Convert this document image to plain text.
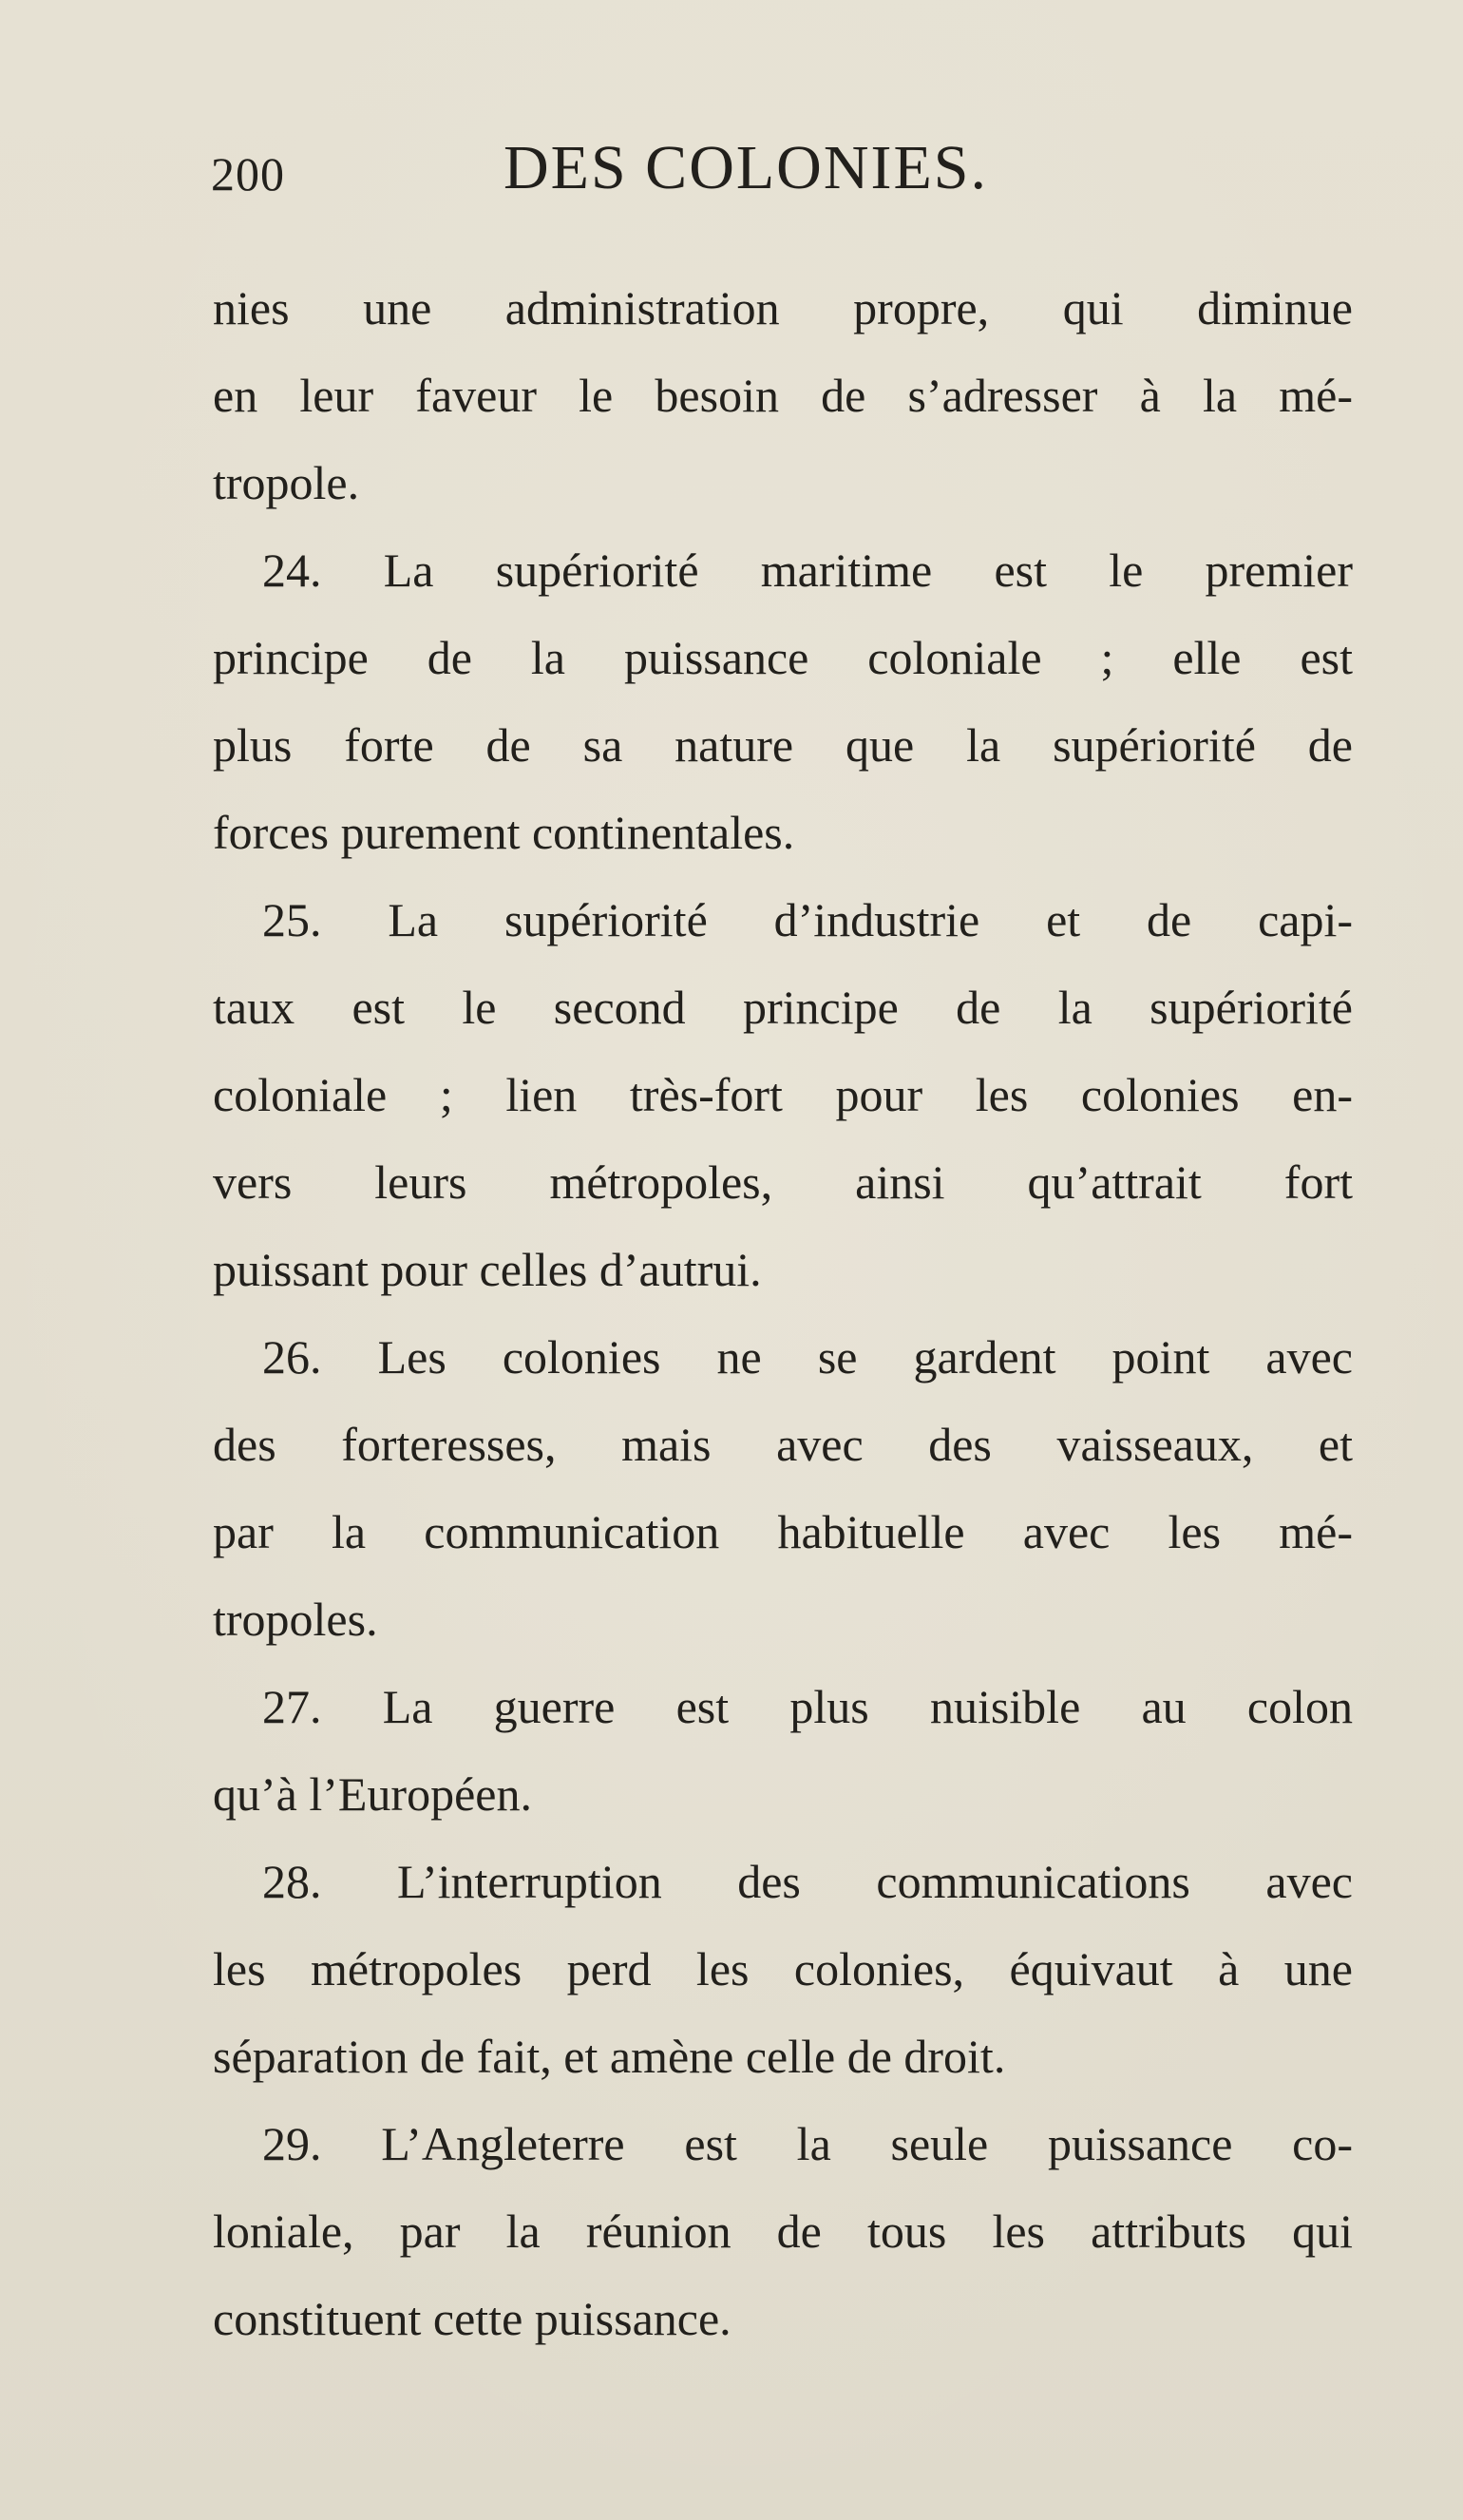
200	DES COLONIES.
nies une administration propre, qui diminue
en leur faveur le besoin de s’adresser à la mé-
tropole.
24. La supériorité maritime est le premier
principe de la puissance coloniale ; elle est
plus forte de sa nature que la supériorité de
forces purement continentales.
25. La supériorité d’industrie et de capi-
taux est le second principe de la supériorité
coloniale ; lien très-fort pour les colonies en-
vers leurs métropoles, ainsi qu’attrait fort
puissant pour celles d’autrui.
26. Les colonies ne se gardent point avec
des forteresses, mais avec des vaisseaux, et
par la communication habituelle avec les mé-
tropoles.
27. La guerre est plus nuisible au colon
qu’à l’Européen.
28. L’interruption des communications avec
les métropoles perd les colonies, équivaut à une
séparation de fait, et amène celle de droit.
29. L’Angleterre est la seule puissance co-
loniale, par la réunion de tous les attributs qui
constituent cette puissance.
